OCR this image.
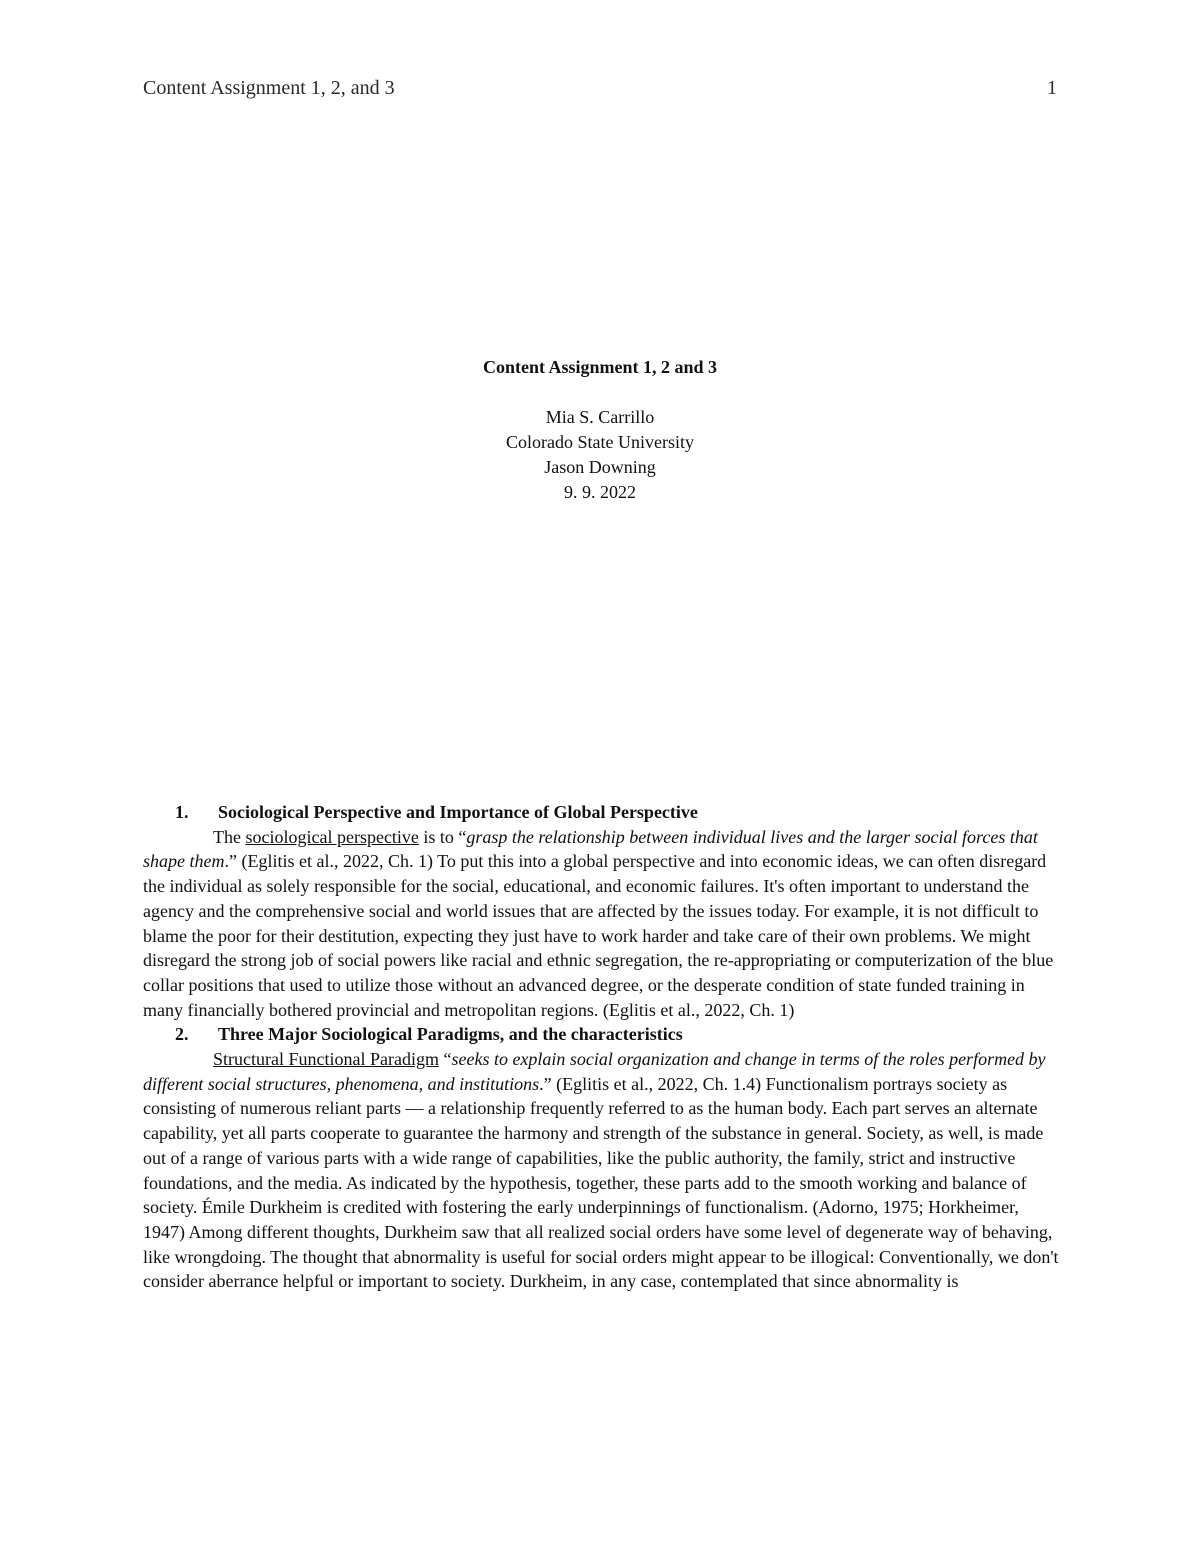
Content Assignment 1, 2, and 3	1
Content Assignment 1, 2 and 3
Mia S. Carrillo
Colorado State University
Jason Downing
9. 9. 2022
1. Sociological Perspective and Importance of Global Perspective

The sociological perspective is to “grasp the relationship between individual lives and the larger social forces that shape them.” (Eglitis et al., 2022, Ch. 1) To put this into a global perspective and into economic ideas, we can often disregard the individual as solely responsible for the social, educational, and economic failures. It's often important to understand the agency and the comprehensive social and world issues that are affected by the issues today. For example, it is not difficult to blame the poor for their destitution, expecting they just have to work harder and take care of their own problems. We might disregard the strong job of social powers like racial and ethnic segregation, the re-appropriating or computerization of the blue collar positions that used to utilize those without an advanced degree, or the desperate condition of state funded training in many financially bothered provincial and metropolitan regions. (Eglitis et al., 2022, Ch. 1)

2. Three Major Sociological Paradigms, and the characteristics

Structural Functional Paradigm “seeks to explain social organization and change in terms of the roles performed by different social structures, phenomena, and institutions.” (Eglitis et al., 2022, Ch. 1.4) Functionalism portrays society as consisting of numerous reliant parts — a relationship frequently referred to as the human body. Each part serves an alternate capability, yet all parts cooperate to guarantee the harmony and strength of the substance in general. Society, as well, is made out of a range of various parts with a wide range of capabilities, like the public authority, the family, strict and instructive foundations, and the media. As indicated by the hypothesis, together, these parts add to the smooth working and balance of society. Émile Durkheim is credited with fostering the early underpinnings of functionalism. (Adorno, 1975; Horkheimer, 1947) Among different thoughts, Durkheim saw that all realized social orders have some level of degenerate way of behaving, like wrongdoing. The thought that abnormality is useful for social orders might appear to be illogical: Conventionally, we don't consider aberrance helpful or important to society. Durkheim, in any case, contemplated that since abnormality is
